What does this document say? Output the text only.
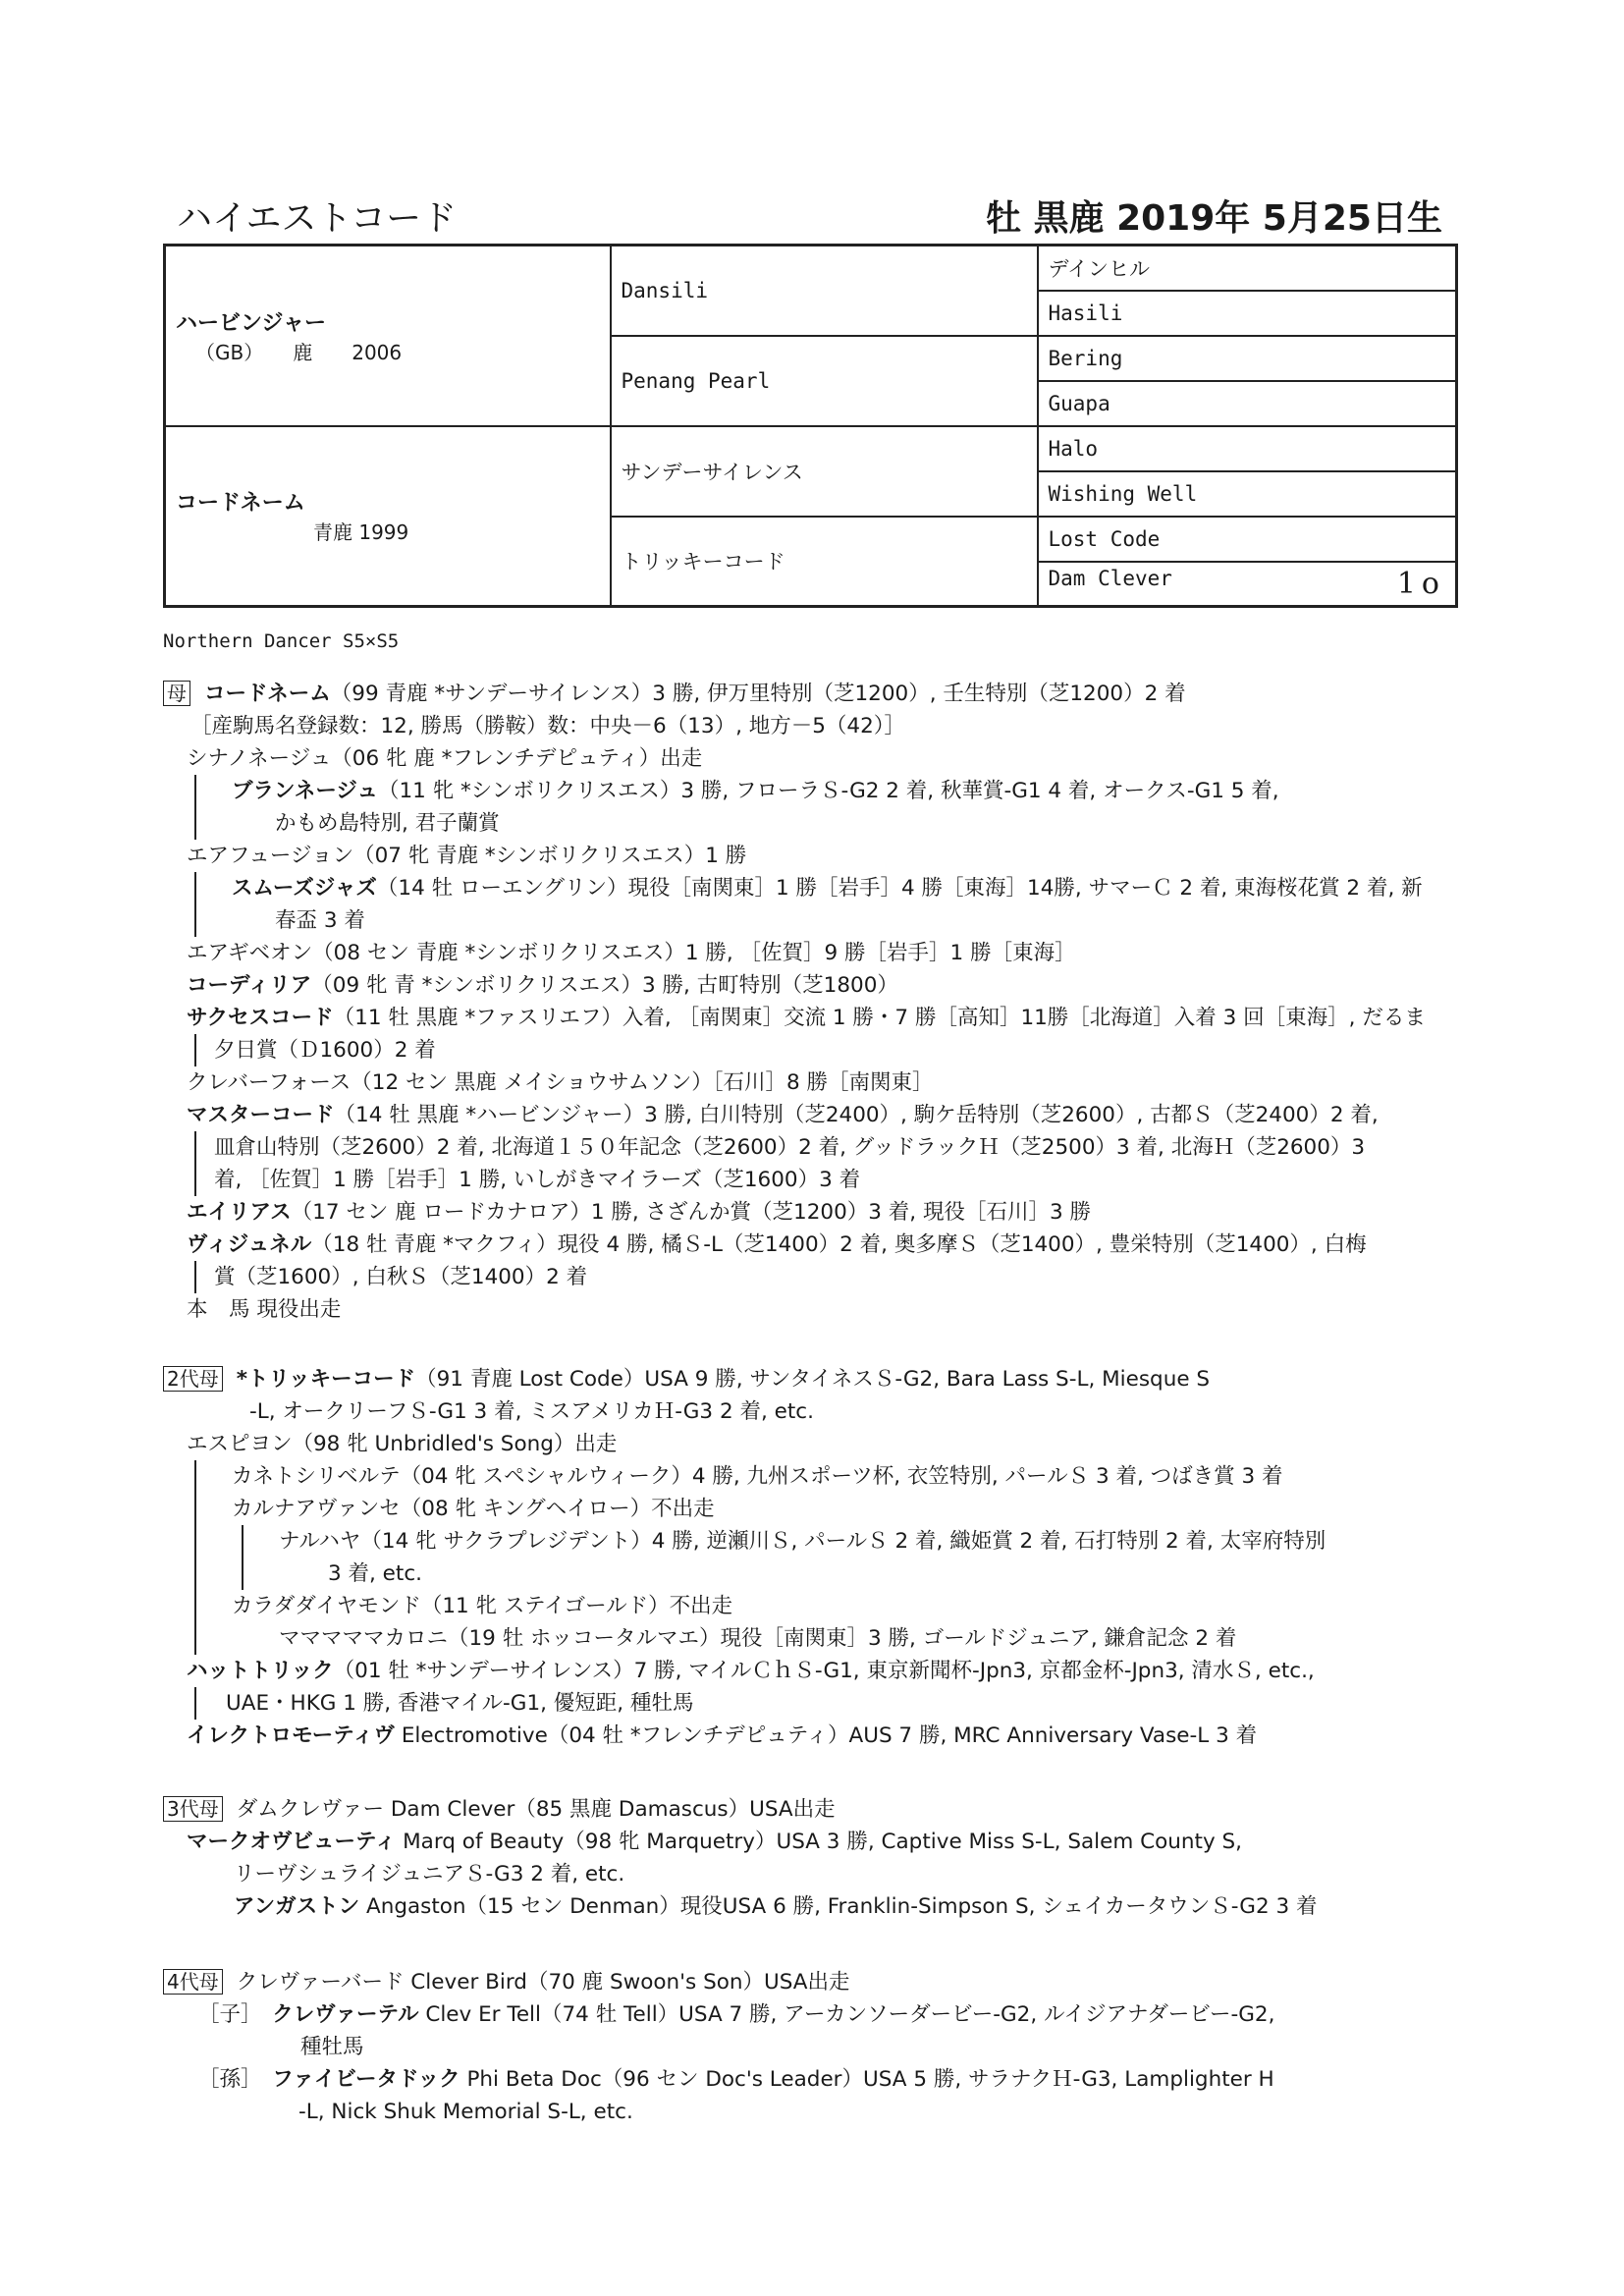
ハイエストコード	牡 黒鹿 2019年 5月25日生
ハービンジャー
（GB）　　鹿　　2006	Dansili	デインヒル
		Hasili
	Penang Pearl	Bering
		Guapa

コードネーム
青鹿 1999	サンデーサイレンス	Halo
		Wishing Well
	トリッキーコード	Lost Code
		Dam Clever 1o
Northern Dancer S5×S5
母 コードネーム（99 青鹿 *サンデーサイレンス）3 勝, 伊万里特別（芝1200）, 壬生特別（芝1200）2 着
［産駒馬名登録数：12, 勝馬（勝鞍）数：中央－6（13）, 地方－5（42）］
シナノネージュ（06 牝 鹿 *フレンチデピュティ）出走
ブランネージュ（11 牝 *シンボリクリスエス）3 勝, フローラＳ-G2 2 着, 秋華賞-G1 4 着, オークス-G1 5 着,
かもめ島特別, 君子蘭賞
エアフュージョン（07 牝 青鹿 *シンボリクリスエス）1 勝
スムーズジャズ（14 牡 ローエングリン）現役［南関東］1 勝［岩手］4 勝［東海］14勝, サマーＣ 2 着, 東海桜花賞 2 着, 新
春盃 3 着
エアギベオン（08 セン 青鹿 *シンボリクリスエス）1 勝, ［佐賀］9 勝［岩手］1 勝［東海］
コーディリア（09 牝 青 *シンボリクリスエス）3 勝, 古町特別（芝1800）
サクセスコード（11 牡 黒鹿 *ファスリエフ）入着, ［南関東］交流 1 勝・7 勝［高知］11勝［北海道］入着 3 回［東海］, だるま
夕日賞（Ｄ1600）2 着
クレバーフォース（12 セン 黒鹿 メイショウサムソン）［石川］8 勝［南関東］
マスターコード（14 牡 黒鹿 *ハービンジャー）3 勝, 白川特別（芝2400）, 駒ケ岳特別（芝2600）, 古都Ｓ（芝2400）2 着,
皿倉山特別（芝2600）2 着, 北海道１５０年記念（芝2600）2 着, グッドラックＨ（芝2500）3 着, 北海Ｈ（芝2600）3
着, ［佐賀］1 勝［岩手］1 勝, いしがきマイラーズ（芝1600）3 着
エイリアス（17 セン 鹿 ロードカナロア）1 勝, さざんか賞（芝1200）3 着, 現役［石川］3 勝
ヴィジュネル（18 牡 青鹿 *マクフィ）現役 4 勝, 橘Ｓ-L（芝1400）2 着, 奥多摩Ｓ（芝1400）, 豊栄特別（芝1400）, 白梅
賞（芝1600）, 白秋Ｓ（芝1400）2 着
本　馬 現役出走
2代母 *トリッキーコード（91 青鹿 Lost Code）USA 9 勝, サンタイネスＳ-G2, Bara Lass S-L, Miesque S
-L, オークリーフＳ-G1 3 着, ミスアメリカＨ-G3 2 着, etc.
エスピヨン（98 牝 Unbridled's Song）出走
カネトシリベルテ（04 牝 スペシャルウィーク）4 勝, 九州スポーツ杯, 衣笠特別, パールＳ 3 着, つばき賞 3 着
カルナアヴァンセ（08 牝 キングヘイロー）不出走
ナルハヤ（14 牝 サクラプレジデント）4 勝, 逆瀬川Ｓ, パールＳ 2 着, 織姫賞 2 着, 石打特別 2 着, 太宰府特別
3 着, etc.
カラダダイヤモンド（11 牝 ステイゴールド）不出走
マママママカロニ（19 牡 ホッコータルマエ）現役［南関東］3 勝, ゴールドジュニア, 鎌倉記念 2 着
ハットトリック（01 牡 *サンデーサイレンス）7 勝, マイルＣｈＳ-G1, 東京新聞杯-Jpn3, 京都金杯-Jpn3, 清水Ｓ, etc.,
UAE・HKG 1 勝, 香港マイル-G1, 優短距, 種牡馬
イレクトロモーティヴ Electromotive（04 牡 *フレンチデピュティ）AUS 7 勝, MRC Anniversary Vase-L 3 着
3代母 ダムクレヴァー Dam Clever（85 黒鹿 Damascus）USA出走
マークオヴビューティ Marq of Beauty（98 牝 Marquetry）USA 3 勝, Captive Miss S-L, Salem County S,
リーヴシュライジュニアＳ-G3 2 着, etc.
アンガストン Angaston（15 セン Denman）現役USA 6 勝, Franklin-Simpson S, シェイカータウンＳ-G2 3 着
4代母 クレヴァーバード Clever Bird（70 鹿 Swoon's Son）USA出走
［子］　クレヴァーテル Clev Er Tell（74 牡 Tell）USA 7 勝, アーカンソーダービー-G2, ルイジアナダービー-G2,
種牡馬
［孫］　ファイビータドック Phi Beta Doc（96 セン Doc's Leader）USA 5 勝, サラナクＨ-G3, Lamplighter H
-L, Nick Shuk Memorial S-L, etc.
